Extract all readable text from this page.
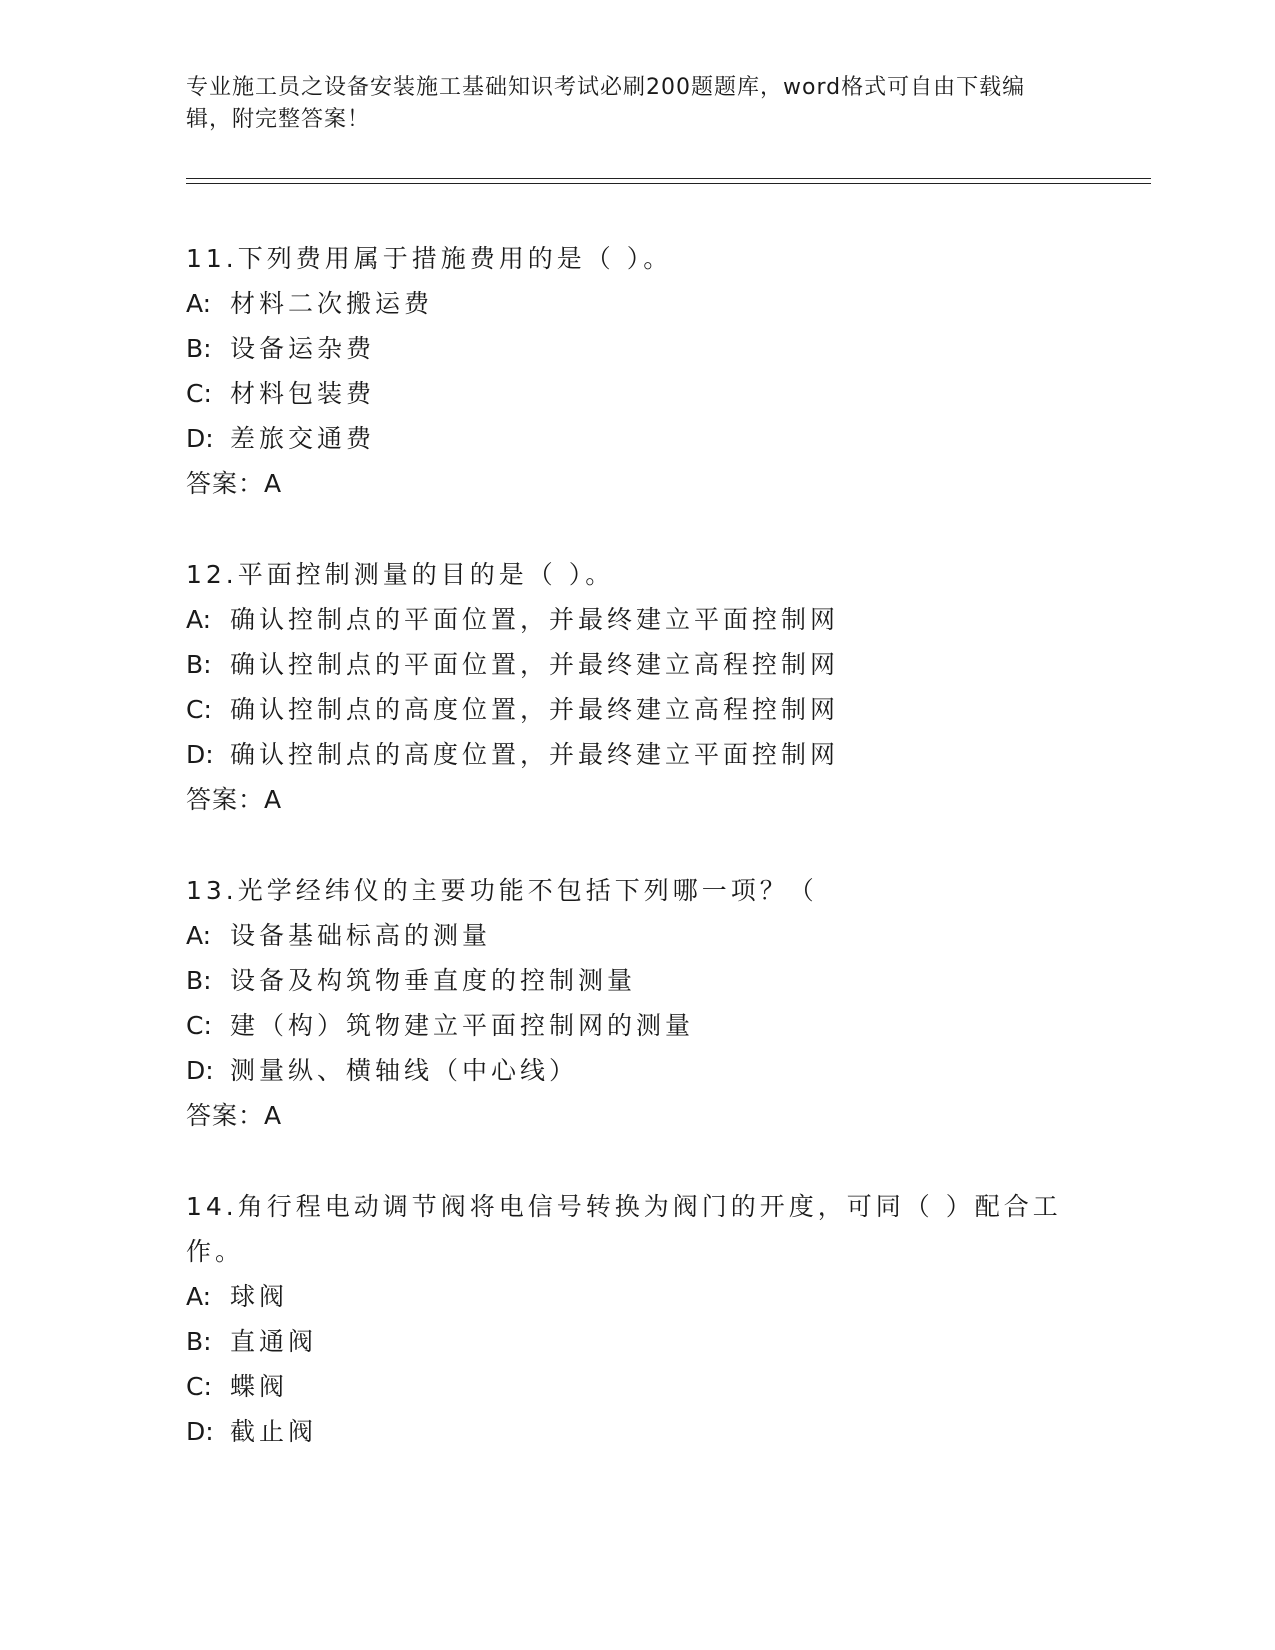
专业施工员之设备安装施工基础知识考试必刷200题题库，word格式可自由下载编辑，附完整答案！

11.下列费用属于措施费用的是（ ）。

A: 材料二次搬运费

B: 设备运杂费

C: 材料包装费

D: 差旅交通费

答案：A

12.平面控制测量的目的是（ ）。

A: 确认控制点的平面位置，并最终建立平面控制网

B: 确认控制点的平面位置，并最终建立高程控制网

C: 确认控制点的高度位置，并最终建立高程控制网

D: 确认控制点的高度位置，并最终建立平面控制网

答案：A

13.光学经纬仪的主要功能不包括下列哪一项？（

A: 设备基础标高的测量

B: 设备及构筑物垂直度的控制测量

C: 建（构）筑物建立平面控制网的测量

D: 测量纵、横轴线（中心线）

答案：A

14.角行程电动调节阀将电信号转换为阀门的开度，可同（ ）配合工作。

A: 球阀

B: 直通阀

C: 蝶阀

D: 截止阀
